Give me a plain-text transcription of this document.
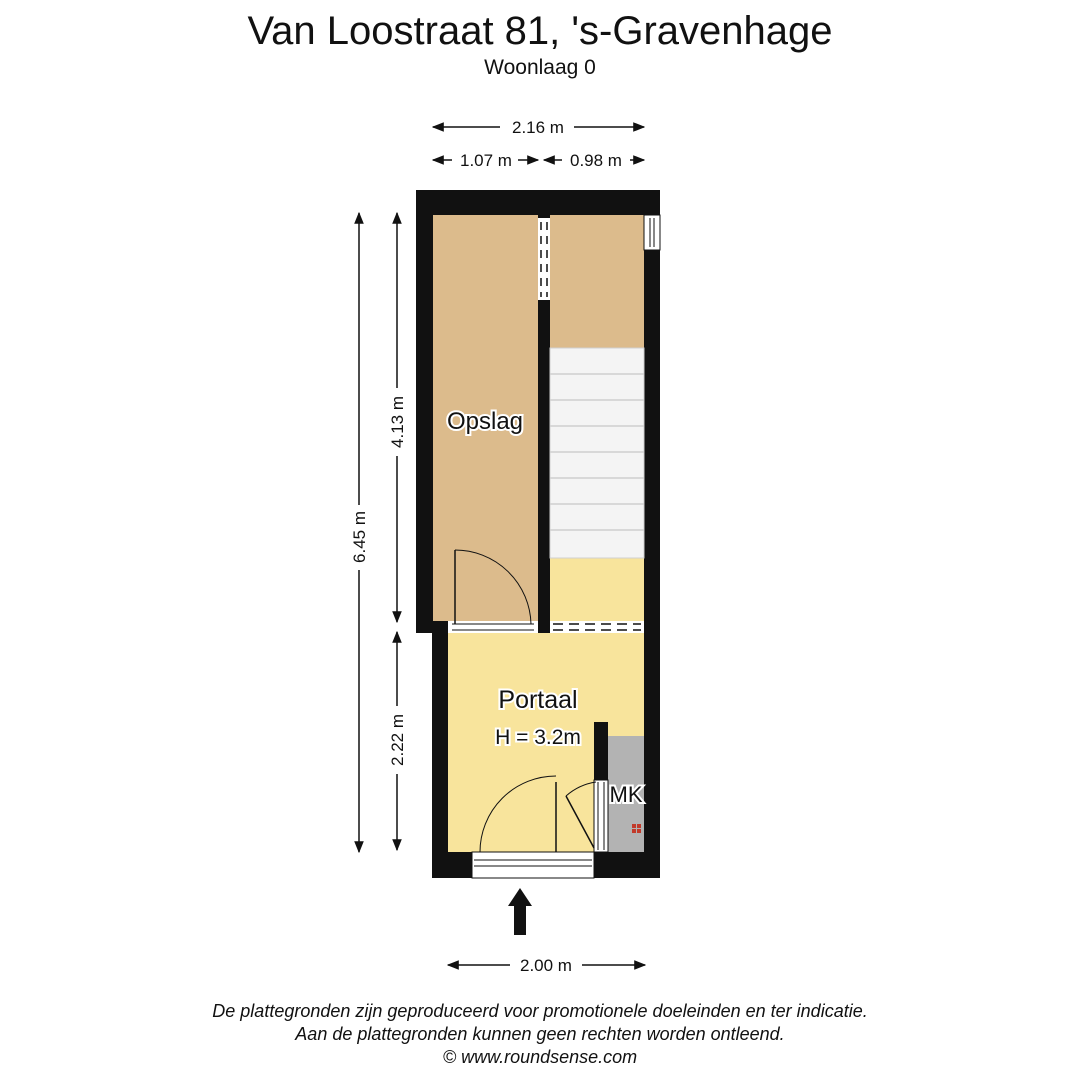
Van Loostraat 81, 's-Gravenhage
Woonlaag 0
2.16 m
1.07 m	0.98 m
6.45 m
4.13 m
2.22 m
2.00 m
Opslag
Portaal
H = 3.2m
MK
De plattegronden zijn geproduceerd voor promotionele doeleinden en ter indicatie.
Aan de plattegronden kunnen geen rechten worden ontleend.
© www.roundsense.com
